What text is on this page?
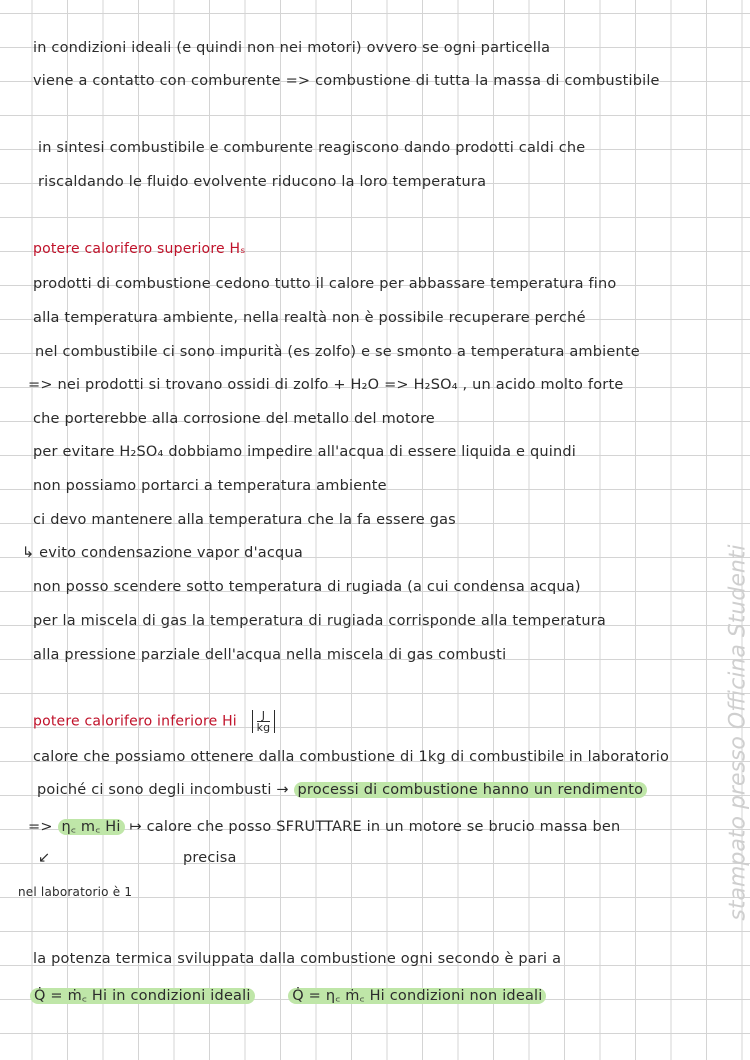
stampato presso Officina Studenti
in condizioni ideali (e quindi non nei motori) ovvero se ogni particella
viene a contatto con comburente => combustione di tutta la massa di combustibile
in sintesi combustibile e comburente reagiscono dando prodotti caldi che
riscaldando le fluido evolvente riducono la loro temperatura
potere calorifero superiore Hₛ
prodotti di combustione cedono tutto il calore per abbassare temperatura fino
alla temperatura ambiente, nella realtà non è possibile recuperare perché
nel combustibile ci sono impurità (es zolfo) e se smonto a temperatura ambiente
=> nei prodotti si trovano ossidi di zolfo + H₂O => H₂SO₄ , un acido molto forte
che porterebbe alla corrosione del metallo del motore
per evitare H₂SO₄ dobbiamo impedire all'acqua di essere liquida e quindi
non possiamo portarci a temperatura ambiente
ci devo mantenere alla temperatura che la fa essere gas
↳ evito condensazione vapor d'acqua
non posso scendere sotto temperatura di rugiada (a cui condensa acqua)
per la miscela di gas la temperatura di rugiada corrisponde alla temperatura
alla pressione parziale dell'acqua nella miscela di gas combusti
potere calorifero inferiore Hi $\frac{J}{kg}$
calore che possiamo ottenere dalla combustione di 1kg di combustibile in laboratorio
poiché ci sono degli incombusti → processi di combustione hanno un rendimento
=> η꜀ m꜀ Hi ↦ calore che posso SFRUTTARE in un motore se brucio massa ben
precisa
↙
nel laboratorio è 1
la potenza termica sviluppata dalla combustione ogni secondo è pari a
Q̇ = ṁ꜀ Hi in condizioni ideali	Q̇ = η꜀ ṁ꜀ Hi condizioni non ideali
